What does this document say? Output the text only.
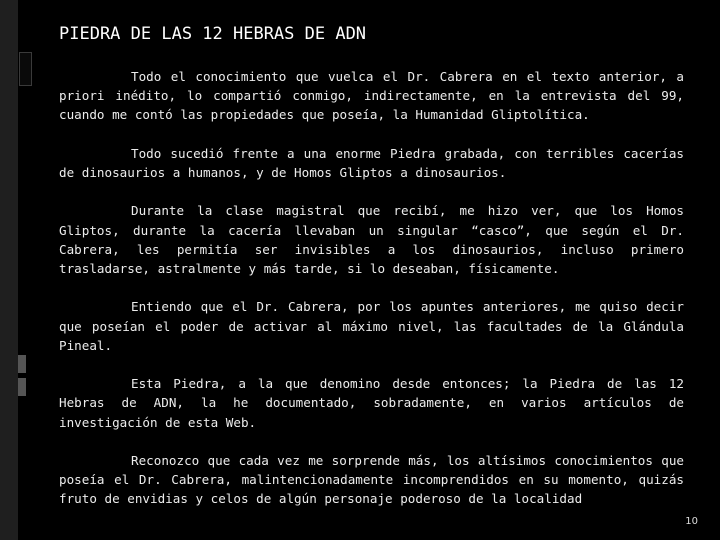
PIEDRA DE LAS 12 HEBRAS DE ADN

Todo el conocimiento que vuelca el Dr. Cabrera en el texto anterior, a priori inédito, lo compartió conmigo, indirectamente, en la entrevista del 99, cuando me contó las propiedades que poseía, la Humanidad Gliptolítica.

Todo sucedió frente a una enorme Piedra grabada, con terribles cacerías de dinosaurios a humanos, y de Homos Gliptos a dinosaurios.

Durante la clase magistral que recibí, me hizo ver, que los Homos Gliptos, durante la cacería llevaban un singular “casco”, que según el Dr. Cabrera, les permitía ser invisibles a los dinosaurios, incluso primero trasladarse, astralmente y más tarde, si lo deseaban, físicamente.

Entiendo que el Dr. Cabrera, por los apuntes anteriores, me quiso decir que poseían el poder de activar al máximo nivel, las facultades de la Glándula Pineal.

Esta Piedra, a la que denomino desde entonces; la Piedra de las 12 Hebras de ADN, la he documentado, sobradamente, en varios artículos de investigación de esta Web.

Reconozco que cada vez me sorprende más, los altísimos conocimientos que poseía el Dr. Cabrera, malintencionadamente incomprendidos en su momento, quizás fruto de envidias y celos de algún personaje poderoso de la localidad

10
